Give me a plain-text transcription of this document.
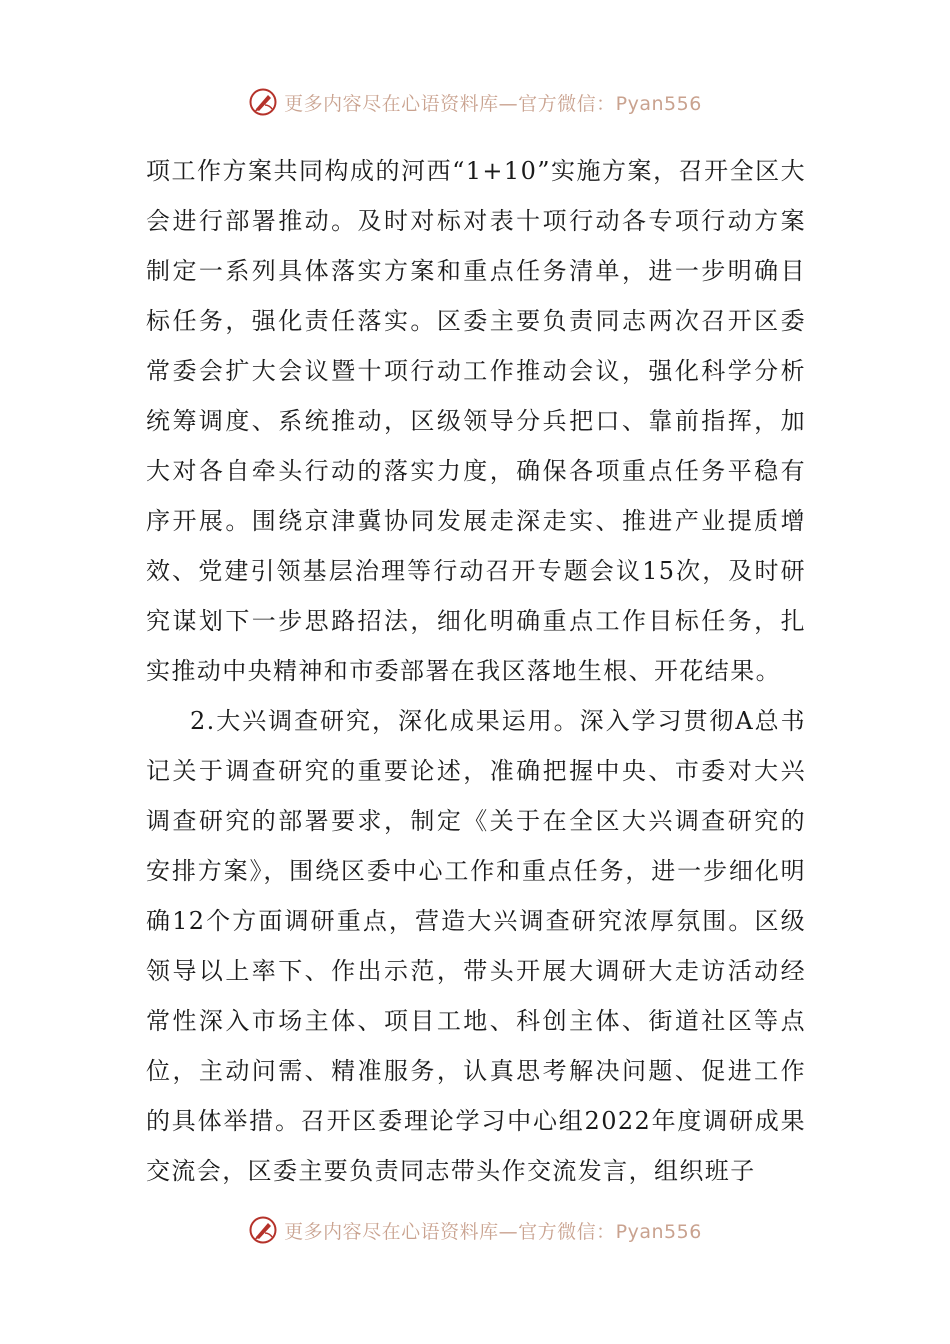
更多内容尽在心语资料库—官方微信：Pyan556

项工作方案共同构成的河西“1+10”实施方案，召开全区大会进行部署推动。及时对标对表十项行动各专项行动方案制定一系列具体落实方案和重点任务清单，进一步明确目标任务，强化责任落实。区委主要负责同志两次召开区委常委会扩大会议暨十项行动工作推动会议，强化科学分析统筹调度、系统推动，区级领导分兵把口、靠前指挥，加大对各自牵头行动的落实力度，确保各项重点任务平稳有序开展。围绕京津冀协同发展走深走实、推进产业提质增效、党建引领基层治理等行动召开专题会议15次，及时研究谋划下一步思路招法，细化明确重点工作目标任务，扎实推动中央精神和市委部署在我区落地生根、开花结果。

2.大兴调查研究，深化成果运用。深入学习贯彻A总书记关于调查研究的重要论述，准确把握中央、市委对大兴调查研究的部署要求，制定《关于在全区大兴调查研究的安排方案》，围绕区委中心工作和重点任务，进一步细化明确12个方面调研重点，营造大兴调查研究浓厚氛围。区级领导以上率下、作出示范，带头开展大调研大走访活动经常性深入市场主体、项目工地、科创主体、街道社区等点位，主动问需、精准服务，认真思考解决问题、促进工作的具体举措。召开区委理论学习中心组2022年度调研成果交流会，区委主要负责同志带头作交流发言，组织班子

更多内容尽在心语资料库—官方微信：Pyan556
